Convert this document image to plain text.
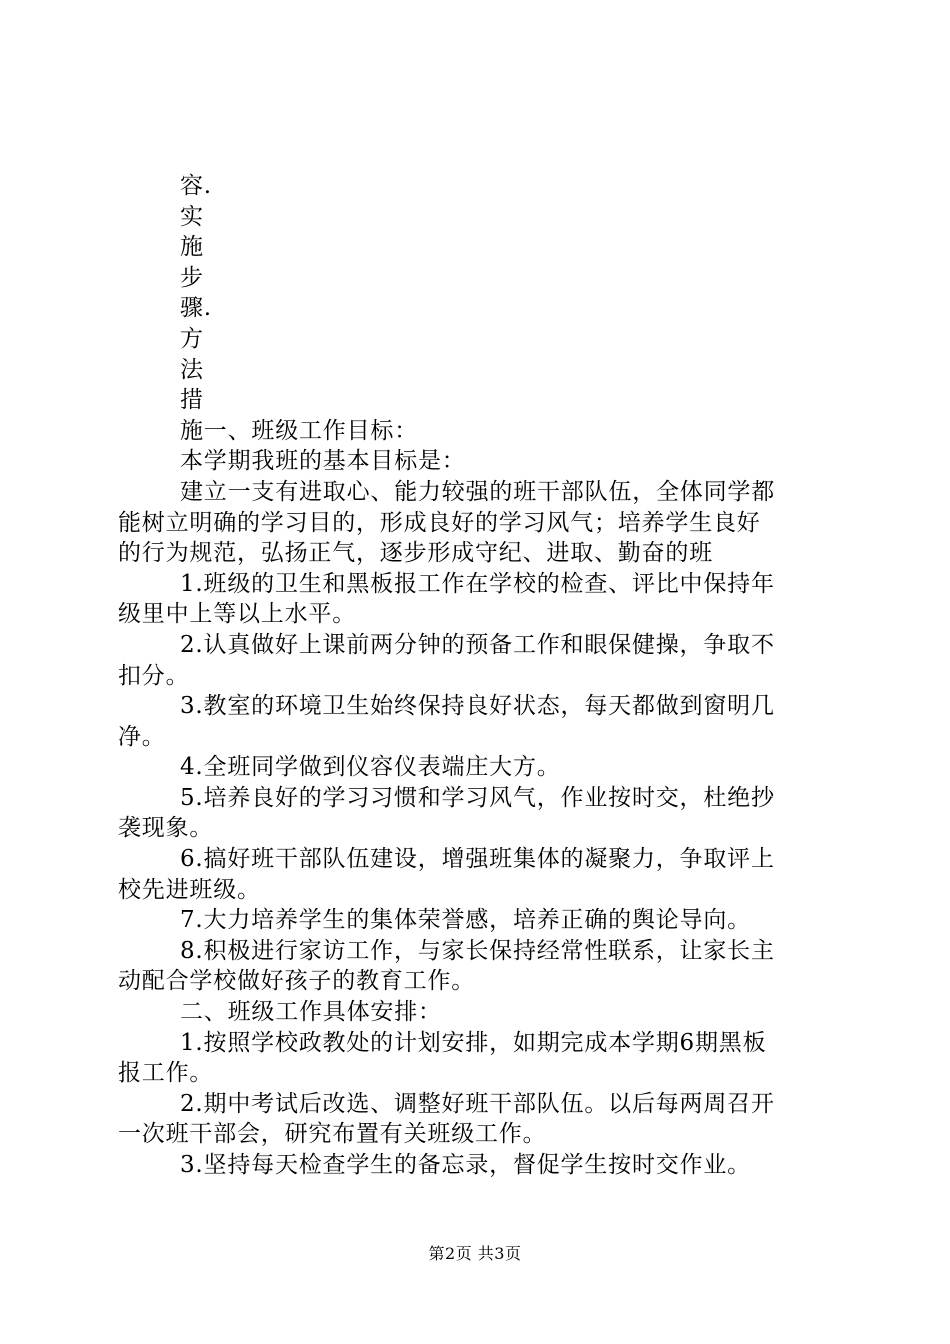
容.

实

施

步

骤.

方

法

措

施一、班级工作目标：

本学期我班的基本目标是：

建立一支有进取心、能力较强的班干部队伍，全体同学都

能树立明确的学习目的，形成良好的学习风气；培养学生良好

的行为规范，弘扬正气，逐步形成守纪、进取、勤奋的班

1.班级的卫生和黑板报工作在学校的检查、评比中保持年

级里中上等以上水平。

2.认真做好上课前两分钟的预备工作和眼保健操，争取不

扣分。

3.教室的环境卫生始终保持良好状态，每天都做到窗明几

净。

4.全班同学做到仪容仪表端庄大方。

5.培养良好的学习习惯和学习风气，作业按时交，杜绝抄

袭现象。

6.搞好班干部队伍建设，增强班集体的凝聚力，争取评上

校先进班级。

7.大力培养学生的集体荣誉感，培养正确的舆论导向。

8.积极进行家访工作，与家长保持经常性联系，让家长主

动配合学校做好孩子的教育工作。

二、班级工作具体安排：

1.按照学校政教处的计划安排，如期完成本学期6期黑板

报工作。

2.期中考试后改选、调整好班干部队伍。以后每两周召开

一次班干部会，研究布置有关班级工作。

3.坚持每天检查学生的备忘录，督促学生按时交作业。

第2页 共3页
